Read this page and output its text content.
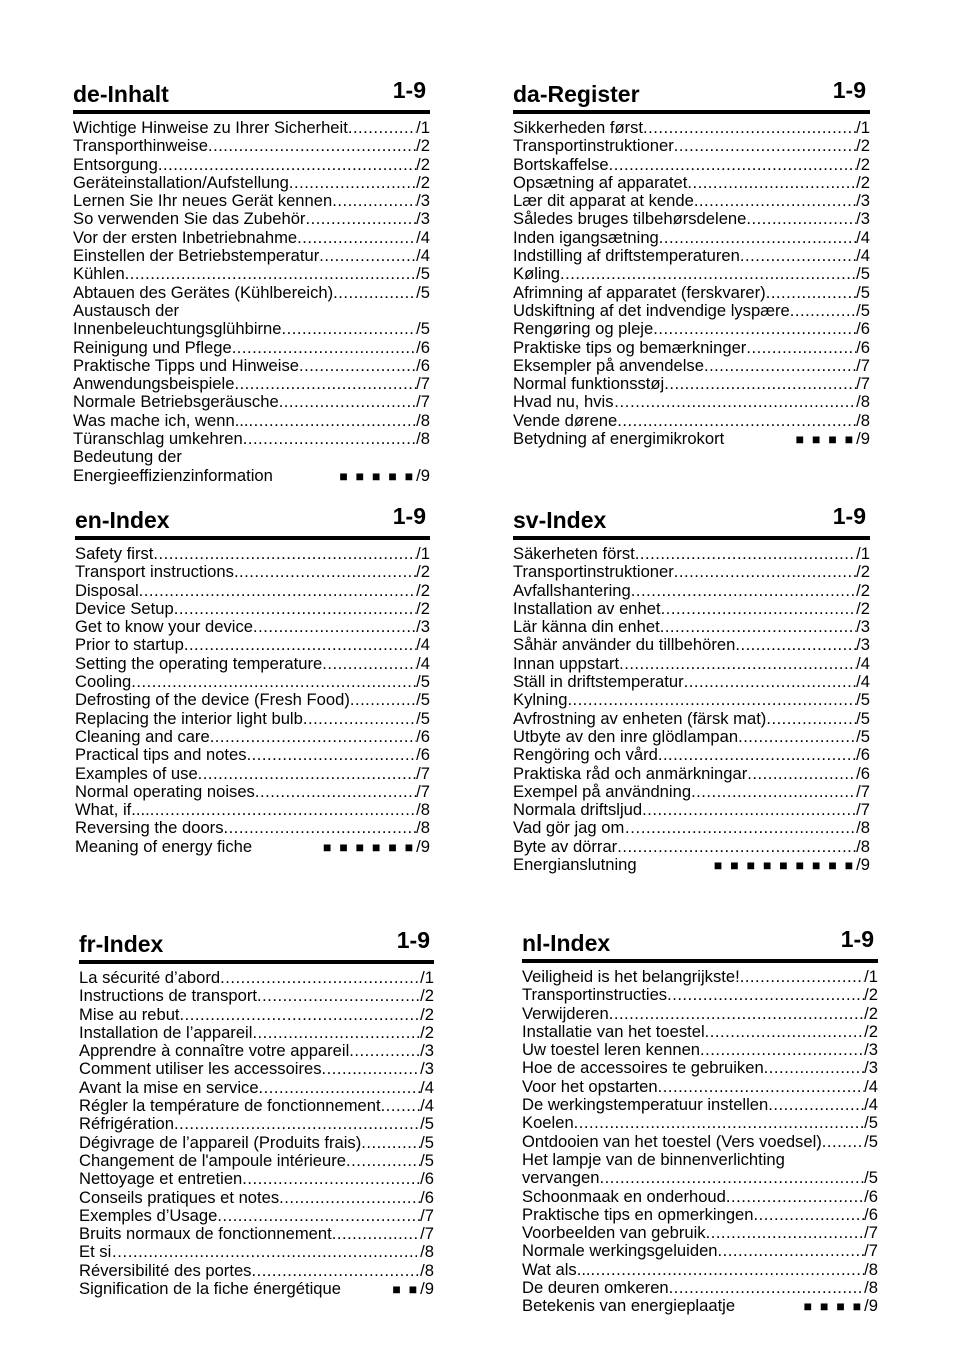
de-Inhalt	1-9
Wichtige Hinweise zu Ihrer Sicherheit .....	/1
Transporthinweise .....	/2
Entsorgung .....	/2
Geräteinstallation/Aufstellung .....	/2
Lernen Sie Ihr neues Gerät kennen .....	/3
So verwenden Sie das Zubehör .....	/3
Vor der ersten Inbetriebnahme .....	/4
Einstellen der Betriebstemperatur .....	/4
Kühlen .....	/5
Abtauen des Gerätes (Kühlbereich) .....	/5
Austausch der
Innenbeleuchtungsglühbirne .....	/5
Reinigung und Pflege .....	/6
Praktische Tipps und Hinweise .....	/6
Anwendungsbeispiele .....	/7
Normale Betriebsgeräusche .....	/7
Was mache ich, wenn... .....	/8
Türanschlag umkehren .....	/8
Bedeutung der
Energieeffizienzinformation	■ ■ ■ ■ ■ /9
da-Register	1-9
Sikkerheden først .....	/1
Transportinstruktioner .....	/2
Bortskaffelse .....	/2
Opsætning af apparatet .....	/2
Lær dit apparat at kende .....	/3
Således bruges tilbehørsdelene .....	/3
Inden igangsætning .....	/4
Indstilling af driftstemperaturen .....	/4
Køling .....	/5
Afrimning af apparatet (ferskvarer) .....	/5
Udskiftning af det indvendige lyspære .....	/5
Rengøring og pleje .....	/6
Praktiske tips og bemærkninger .....	/6
Eksempler på anvendelse .....	/7
Normal funktionsstøj .....	/7
Hvad nu, hvis… .....	/8
Vende dørene .....	/8
Betydning af energimikrokort	■ ■ ■ ■ /9
en-Index	1-9
Safety first .....	/1
Transport instructions .....	/2
Disposal .....	/2
Device Setup .....	/2
Get to know your device .....	/3
Prior to startup .....	/4
Setting the operating temperature .....	/4
Cooling .....	/5
Defrosting of the device (Fresh Food) .....	/5
Replacing the interior light bulb .....	/5
Cleaning and care .....	/6
Practical tips and notes .....	/6
Examples of use .....	/7
Normal operating noises .....	/7
What, if.... .....	/8
Reversing the doors .....	/8
Meaning of energy fiche	■ ■ ■ ■ ■ ■ /9
sv-Index	1-9
Säkerheten först .....	/1
Transportinstruktioner .....	/2
Avfallshantering .....	/2
Installation av enhet .....	/2
Lär känna din enhet .....	/3
Såhär använder du tillbehören .....	/3
Innan uppstart .....	/4
Ställ in driftstemperatur .....	/4
Kylning .....	/5
Avfrostning av enheten (färsk mat) .....	/5
Utbyte av den inre glödlampan .....	/5
Rengöring och vård .....	/6
Praktiska råd och anmärkningar .....	/6
Exempel på användning .....	/7
Normala driftsljud .....	/7
Vad gör jag om… .....	/8
Byte av dörrar .....	/8
Energianslutning	■ ■ ■ ■ ■ ■ ■ ■ ■ /9
fr-Index	1-9
La sécurité d’abord .....	/1
Instructions de transport .....	/2
Mise au rebut .....	/2
Installation de l’appareil .....	/2
Apprendre à connaître votre appareil .....	/3
Comment utiliser les accessoires .....	/3
Avant la mise en service .....	/4
Régler la température de fonctionnement ..... /4
Réfrigération .....	/5
Dégivrage de l’appareil (Produits frais) .....	/5
Changement de l'ampoule intérieure .....	/5
Nettoyage et entretien .....	/6
Conseils pratiques et notes .....	/6
Exemples d’Usage .....	/7
Bruits normaux de fonctionnement .....	/7
Et si… .....	/8
Réversibilité des portes .....	/8
Signification de la fiche énergétique	■ ■ /9
nl-Index	1-9
Veiligheid is het belangrijkste! .....	/1
Transportinstructies .....	/2
Verwijderen .....	/2
Installatie van het toestel .....	/2
Uw toestel leren kennen .....	/3
Hoe de accessoires te gebruiken .....	/3
Voor het opstarten .....	/4
De werkingstemperatuur instellen .....	/4
Koelen .....	/5
Ontdooien van het toestel (Vers voedsel) .....	/5
Het lampje van de binnenverlichting
vervangen .....	/5
Schoonmaak en onderhoud .....	/6
Praktische tips en opmerkingen .....	/6
Voorbeelden van gebruik .....	/7
Normale werkingsgeluiden .....	/7
Wat als... .....	/8
De deuren omkeren .....	/8
Betekenis van energieplaatje	■ ■ ■ ■ /9
